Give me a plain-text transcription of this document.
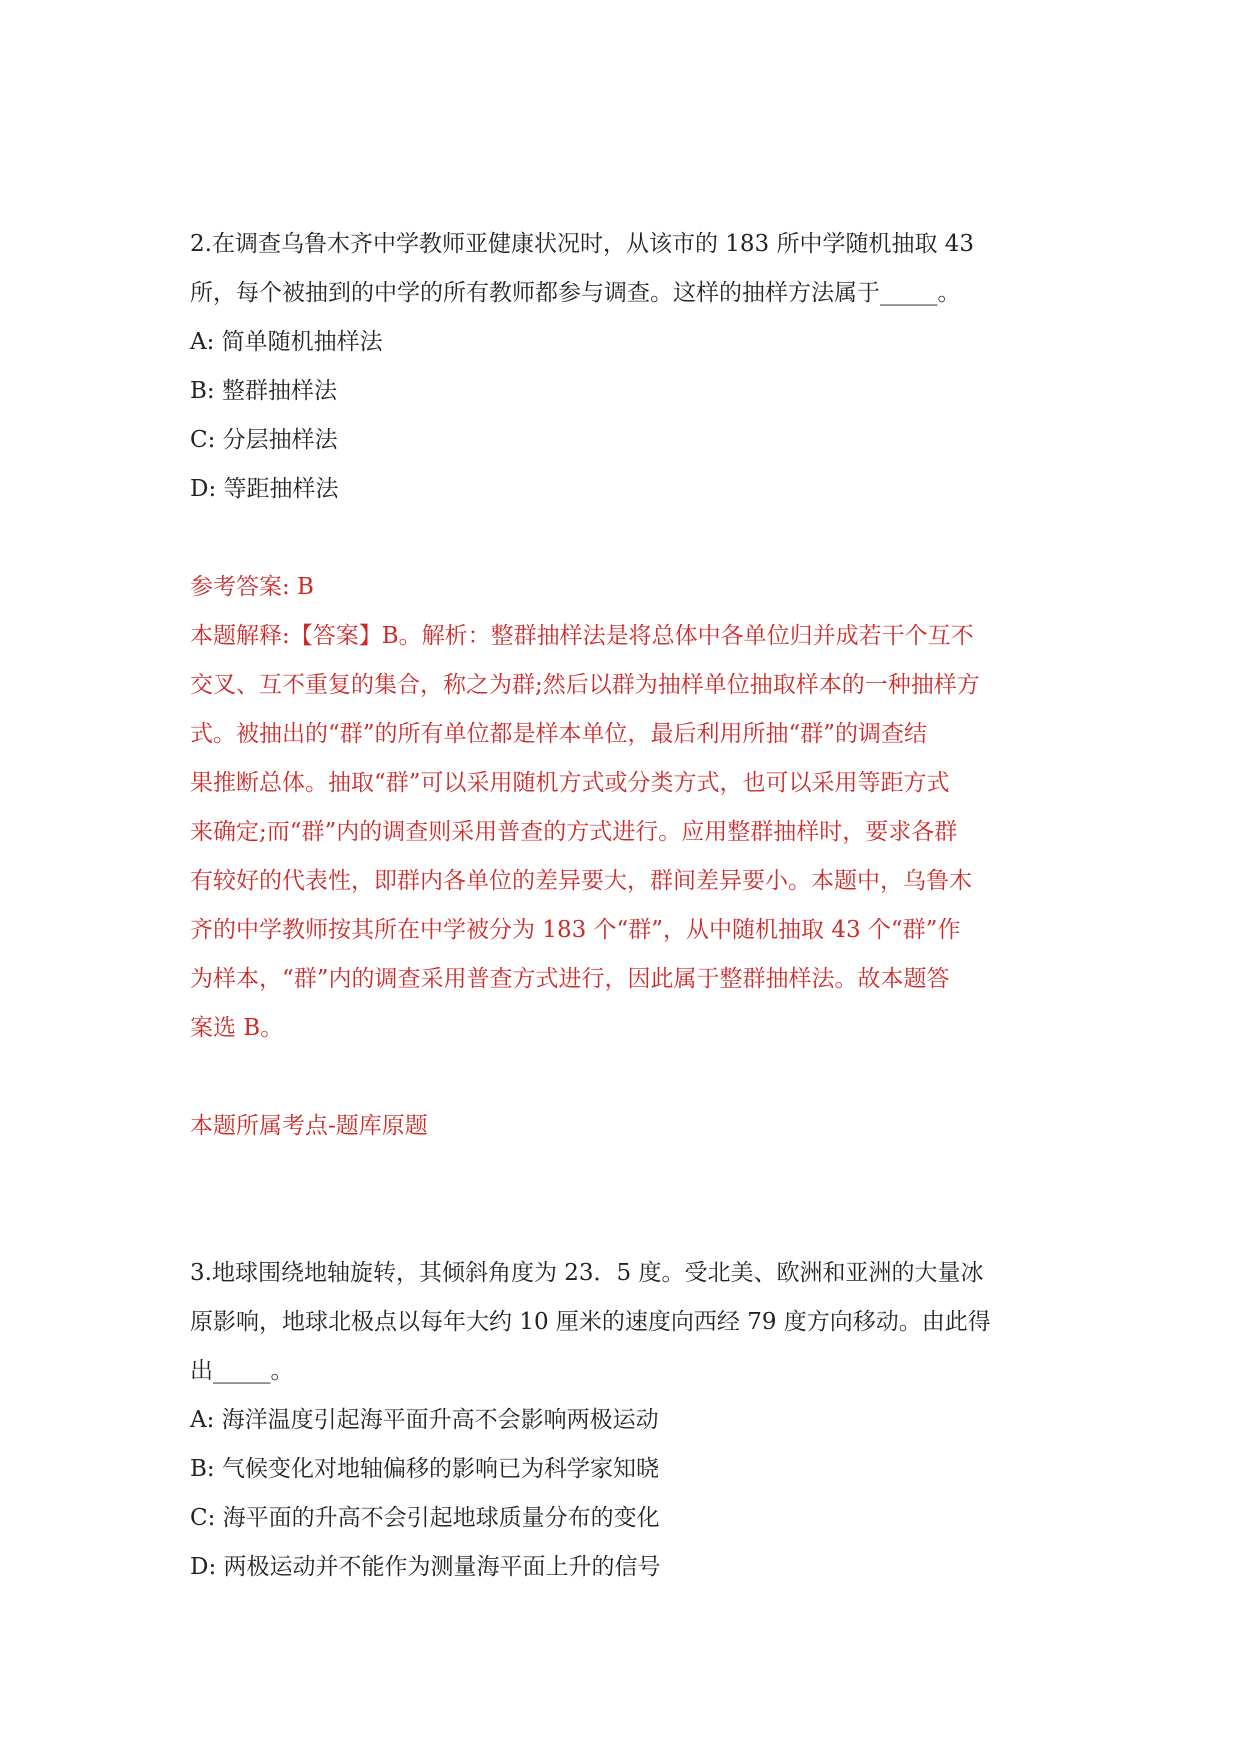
2.在调查乌鲁木齐中学教师亚健康状况时，从该市的 183 所中学随机抽取 43

所，每个被抽到的中学的所有教师都参与调查。这样的抽样方法属于_____。

A: 简单随机抽样法

B: 整群抽样法

C: 分层抽样法

D: 等距抽样法

参考答案: B

本题解释:【答案】B。解析：整群抽样法是将总体中各单位归并成若干个互不

交叉、互不重复的集合，称之为群;然后以群为抽样单位抽取样本的一种抽样方

式。被抽出的“群”的所有单位都是样本单位，最后利用所抽“群”的调查结

果推断总体。抽取“群”可以采用随机方式或分类方式，也可以采用等距方式

来确定;而“群”内的调查则采用普查的方式进行。应用整群抽样时，要求各群

有较好的代表性，即群内各单位的差异要大，群间差异要小。本题中，乌鲁木

齐的中学教师按其所在中学被分为 183 个“群”，从中随机抽取 43 个“群”作

为样本，“群”内的调查采用普查方式进行，因此属于整群抽样法。故本题答

案选 B。

本题所属考点-题库原题

3.地球围绕地轴旋转，其倾斜角度为 23．5 度。受北美、欧洲和亚洲的大量冰

原影响，地球北极点以每年大约 10 厘米的速度向西经 79 度方向移动。由此得

出_____。

A: 海洋温度引起海平面升高不会影响两极运动

B: 气候变化对地轴偏移的影响已为科学家知晓

C: 海平面的升高不会引起地球质量分布的变化

D: 两极运动并不能作为测量海平面上升的信号
